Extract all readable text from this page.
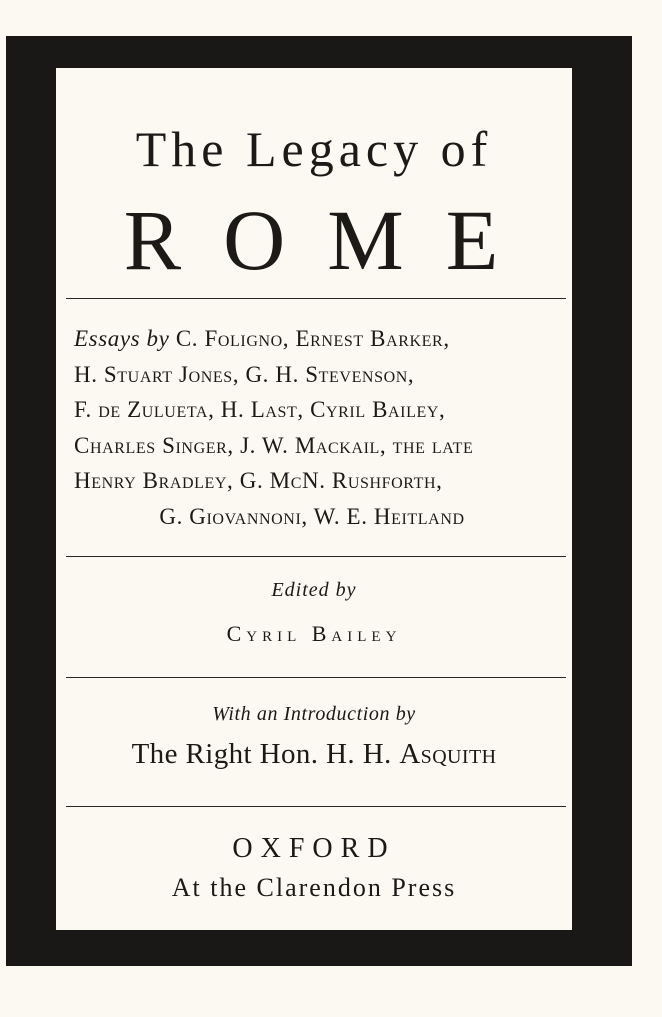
The Legacy of
ROME
Essays by C. Foligno, Ernest Barker,
H. Stuart Jones, G. H. Stevenson,
F. de Zulueta, H. Last, Cyril Bailey,
Charles Singer, J. W. Mackail, the late
Henry Bradley, G. McN. Rushforth,
G. Giovannoni, W. E. Heitland
Edited by
Cyril Bailey
With an Introduction by
The Right Hon. H. H. Asquith
OXFORD
At the Clarendon Press
